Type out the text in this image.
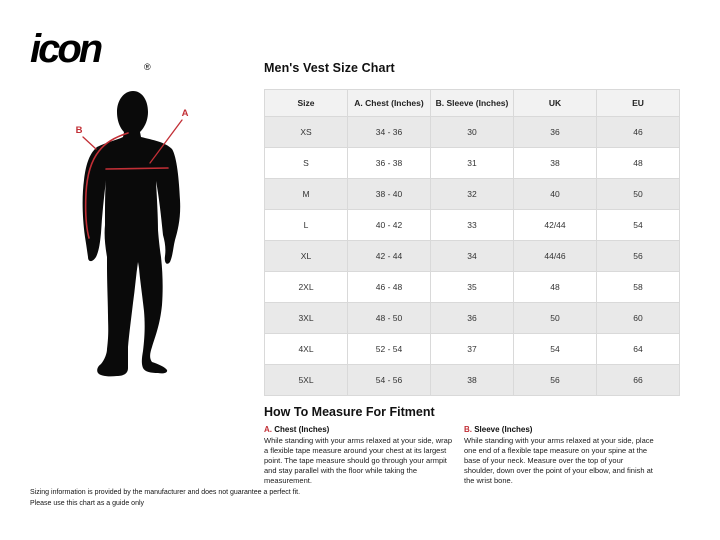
icon	®
B
A
Men's Vest Size Chart
Size	A. Chest (Inches)	B. Sleeve (Inches)	UK	EU
XS	34 - 36	30	36	46
S	36 - 38	31	38	48
M	38 - 40	32	40	50
L	40 - 42	33	42/44	54
XL	42 - 44	34	44/46	56
2XL	46 - 48	35	48	58
3XL	48 - 50	36	50	60
4XL	52 - 54	37	54	64
5XL	54 - 56	38	56	66
How To Measure For Fitment
A. Chest (Inches)
While standing with your arms relaxed at your side, wrap a flexible tape measure around your chest at its largest point. The tape measure should go through your armpit and stay parallel with the floor while taking the measurement.
B. Sleeve (Inches)
While standing with your arms relaxed at your side, place one end of a flexible tape measure on your spine at the base of your neck. Measure over the top of your shoulder, down over the point of your elbow, and finish at the wrist bone.
Sizing information is provided by the manufacturer and does not guarantee a perfect fit.
Please use this chart as a guide only
